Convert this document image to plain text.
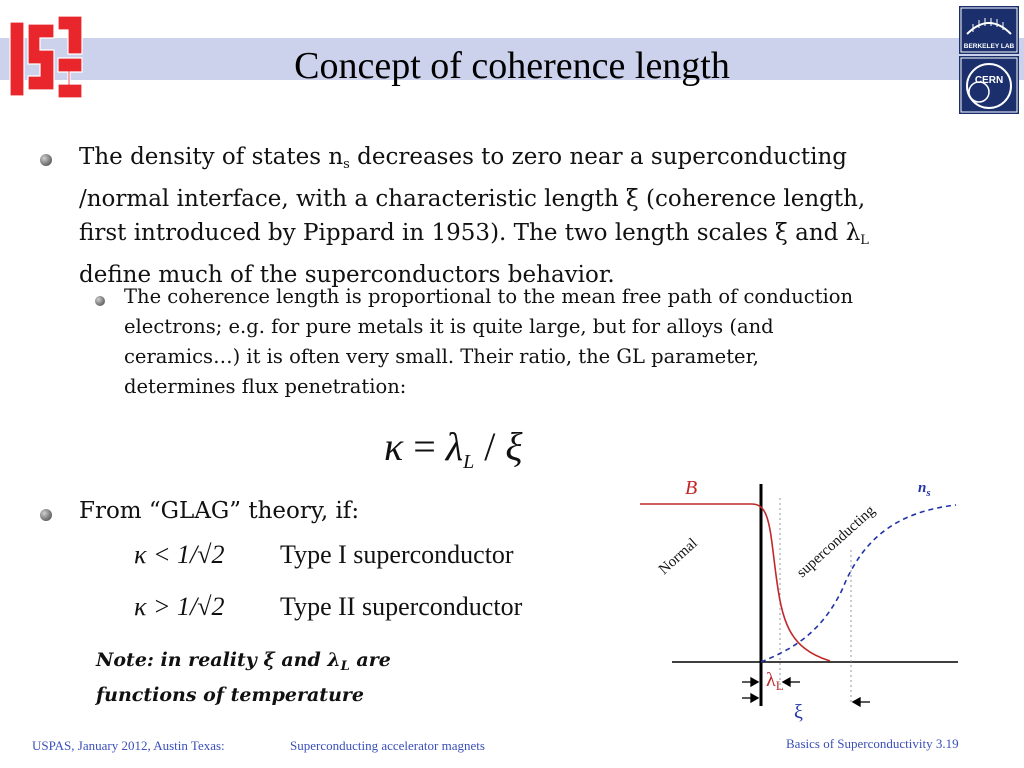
Concept of coherence length	BERKELEY LAB
CERN
The density of states $n_s$ decreases to zero near a superconducting
/normal interface, with a characteristic length ξ (coherence length,
first introduced by Pippard in 1953). The two length scales ξ and $\lambda_L$
define much of the superconductors behavior.
The coherence length is proportional to the mean free path of conduction
electrons; e.g. for pure metals it is quite large, but for alloys (and
ceramics…) it is often very small. Their ratio, the GL parameter,
determines flux penetration:
$\kappa = \lambda_L / \xi$
From “GLAG” theory, if:
κ < 1/√2 Type I superconductor
κ > 1/√2 Type II superconductor
Note: in reality ξ and $\lambda_L$ are
functions of temperature
B	$n_s$
Normal	superconducting
$\lambda_L$
ξ
USPAS, January 2012, Austin Texas:	Superconducting accelerator magnets	Basics of Superconductivity 3.19
